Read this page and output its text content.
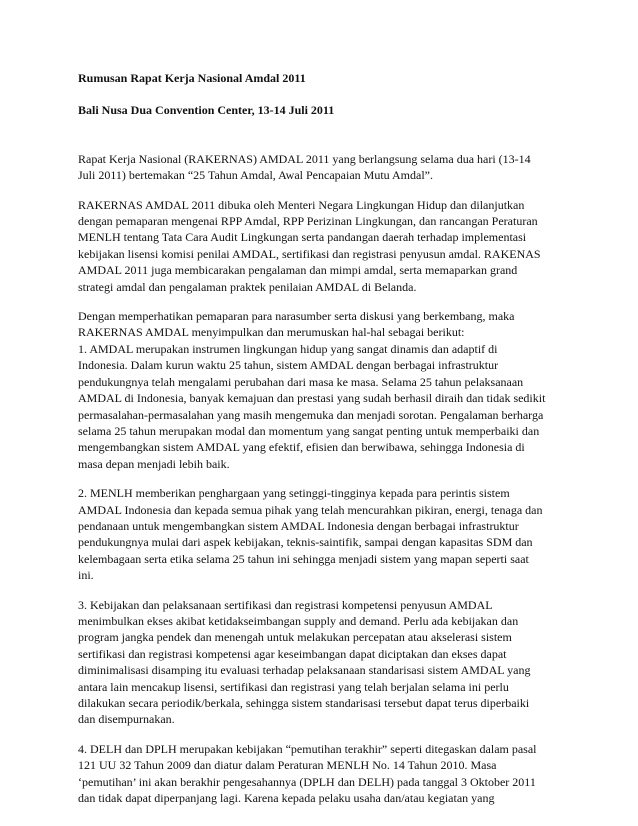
Rumusan Rapat Kerja Nasional Amdal 2011

Bali Nusa Dua Convention Center, 13-14 Juli 2011

Rapat Kerja Nasional (RAKERNAS) AMDAL 2011 yang berlangsung selama dua hari (13-14
Juli 2011) bertemakan “25 Tahun Amdal, Awal Pencapaian Mutu Amdal”.

RAKERNAS AMDAL 2011 dibuka oleh Menteri Negara Lingkungan Hidup dan dilanjutkan
dengan pemaparan mengenai RPP Amdal, RPP Perizinan Lingkungan, dan rancangan Peraturan
MENLH tentang Tata Cara Audit Lingkungan serta pandangan daerah terhadap implementasi
kebijakan lisensi komisi penilai AMDAL, sertifikasi dan registrasi penyusun amdal. RAKENAS
AMDAL 2011 juga membicarakan pengalaman dan mimpi amdal, serta memaparkan grand
strategi amdal dan pengalaman praktek penilaian AMDAL di Belanda.

Dengan memperhatikan pemaparan para narasumber serta diskusi yang berkembang, maka
RAKERNAS AMDAL menyimpulkan dan merumuskan hal-hal sebagai berikut:
1. AMDAL merupakan instrumen lingkungan hidup yang sangat dinamis dan adaptif di
Indonesia. Dalam kurun waktu 25 tahun, sistem AMDAL dengan berbagai infrastruktur
pendukungnya telah mengalami perubahan dari masa ke masa. Selama 25 tahun pelaksanaan
AMDAL di Indonesia, banyak kemajuan dan prestasi yang sudah berhasil diraih dan tidak sedikit
permasalahan-permasalahan yang masih mengemuka dan menjadi sorotan. Pengalaman berharga
selama 25 tahun merupakan modal dan momentum yang sangat penting untuk memperbaiki dan
mengembangkan sistem AMDAL yang efektif, efisien dan berwibawa, sehingga Indonesia di
masa depan menjadi lebih baik.

2. MENLH memberikan penghargaan yang setinggi-tingginya kepada para perintis sistem
AMDAL Indonesia dan kepada semua pihak yang telah mencurahkan pikiran, energi, tenaga dan
pendanaan untuk mengembangkan sistem AMDAL Indonesia dengan berbagai infrastruktur
pendukungnya mulai dari aspek kebijakan, teknis-saintifik, sampai dengan kapasitas SDM dan
kelembagaan serta etika selama 25 tahun ini sehingga menjadi sistem yang mapan seperti saat
ini.

3. Kebijakan dan pelaksanaan sertifikasi dan registrasi kompetensi penyusun AMDAL
menimbulkan ekses akibat ketidakseimbangan supply and demand. Perlu ada kebijakan dan
program jangka pendek dan menengah untuk melakukan percepatan atau akselerasi sistem
sertifikasi dan registrasi kompetensi agar keseimbangan dapat diciptakan dan ekses dapat
diminimalisasi disamping itu evaluasi terhadap pelaksanaan standarisasi sistem AMDAL yang
antara lain mencakup lisensi, sertifikasi dan registrasi yang telah berjalan selama ini perlu
dilakukan secara periodik/berkala, sehingga sistem standarisasi tersebut dapat terus diperbaiki
dan disempurnakan.

4. DELH dan DPLH merupakan kebijakan “pemutihan terakhir” seperti ditegaskan dalam pasal
121 UU 32 Tahun 2009 dan diatur dalam Peraturan MENLH No. 14 Tahun 2010. Masa
‘pemutihan’ ini akan berakhir pengesahannya (DPLH dan DELH) pada tanggal 3 Oktober 2011
dan tidak dapat diperpanjang lagi. Karena kepada pelaku usaha dan/atau kegiatan yang
